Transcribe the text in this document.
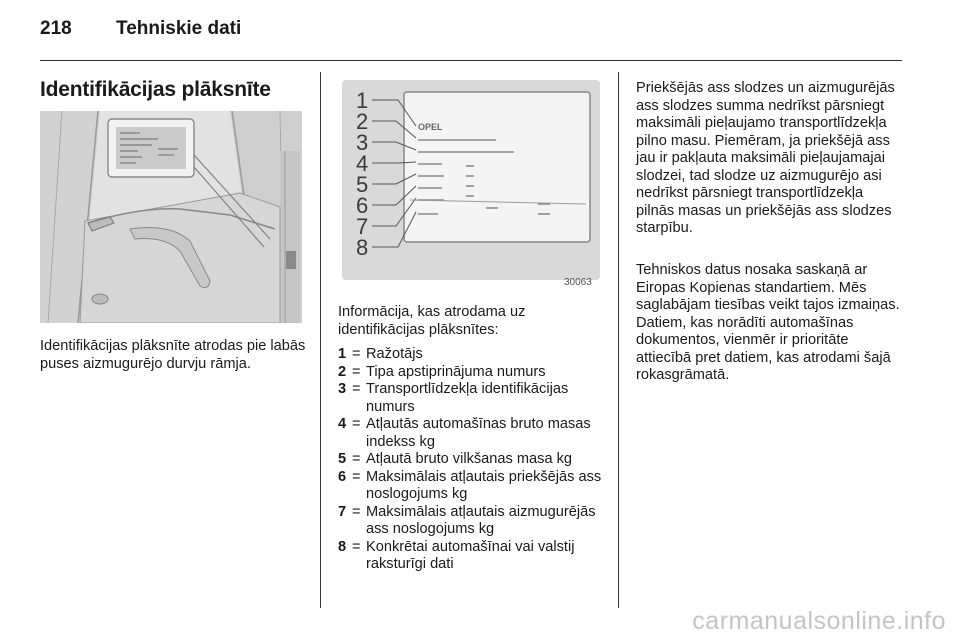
218	Tehniskie dati
Identifikācijas plāksnīte
Identifikācijas plāksnīte atrodas pie labās puses aizmugurējo durvju rāmja.
1
2
3
4
5
6
7
8
OPEL
30063
Informācija, kas atrodama uz identifikācijas plāksnītes:
1 = Ražotājs
2 = Tipa apstiprinājuma numurs
3 = Transportlīdzekļa identifikācijas numurs
4 = Atļautās automašīnas bruto masas indekss kg
5 = Atļautā bruto vilkšanas masa kg
6 = Maksimālais atļautais priekšējās ass noslogojums kg
7 = Maksimālais atļautais aizmugurējās ass noslogojums kg
8 = Konkrētai automašīnai vai valstij raksturīgi dati
Priekšējās ass slodzes un aizmugurējās ass slodzes summa nedrīkst pārsniegt maksimāli pieļaujamo transportlīdzekļa pilno masu. Piemēram, ja priekšējā ass jau ir pakļauta maksimāli pieļaujamajai slodzei, tad slodze uz aizmugurējo asi nedrīkst pārsniegt transportlīdzekļa pilnās masas un priekšējās ass slodzes starpību.
Tehniskos datus nosaka saskaņā ar Eiropas Kopienas standartiem. Mēs saglabājam tiesības veikt tajos izmaiņas. Datiem, kas norādīti automašīnas dokumentos, vienmēr ir prioritāte attiecībā pret datiem, kas atrodami šajā rokasgrāmatā.
carmanualsonline.info
